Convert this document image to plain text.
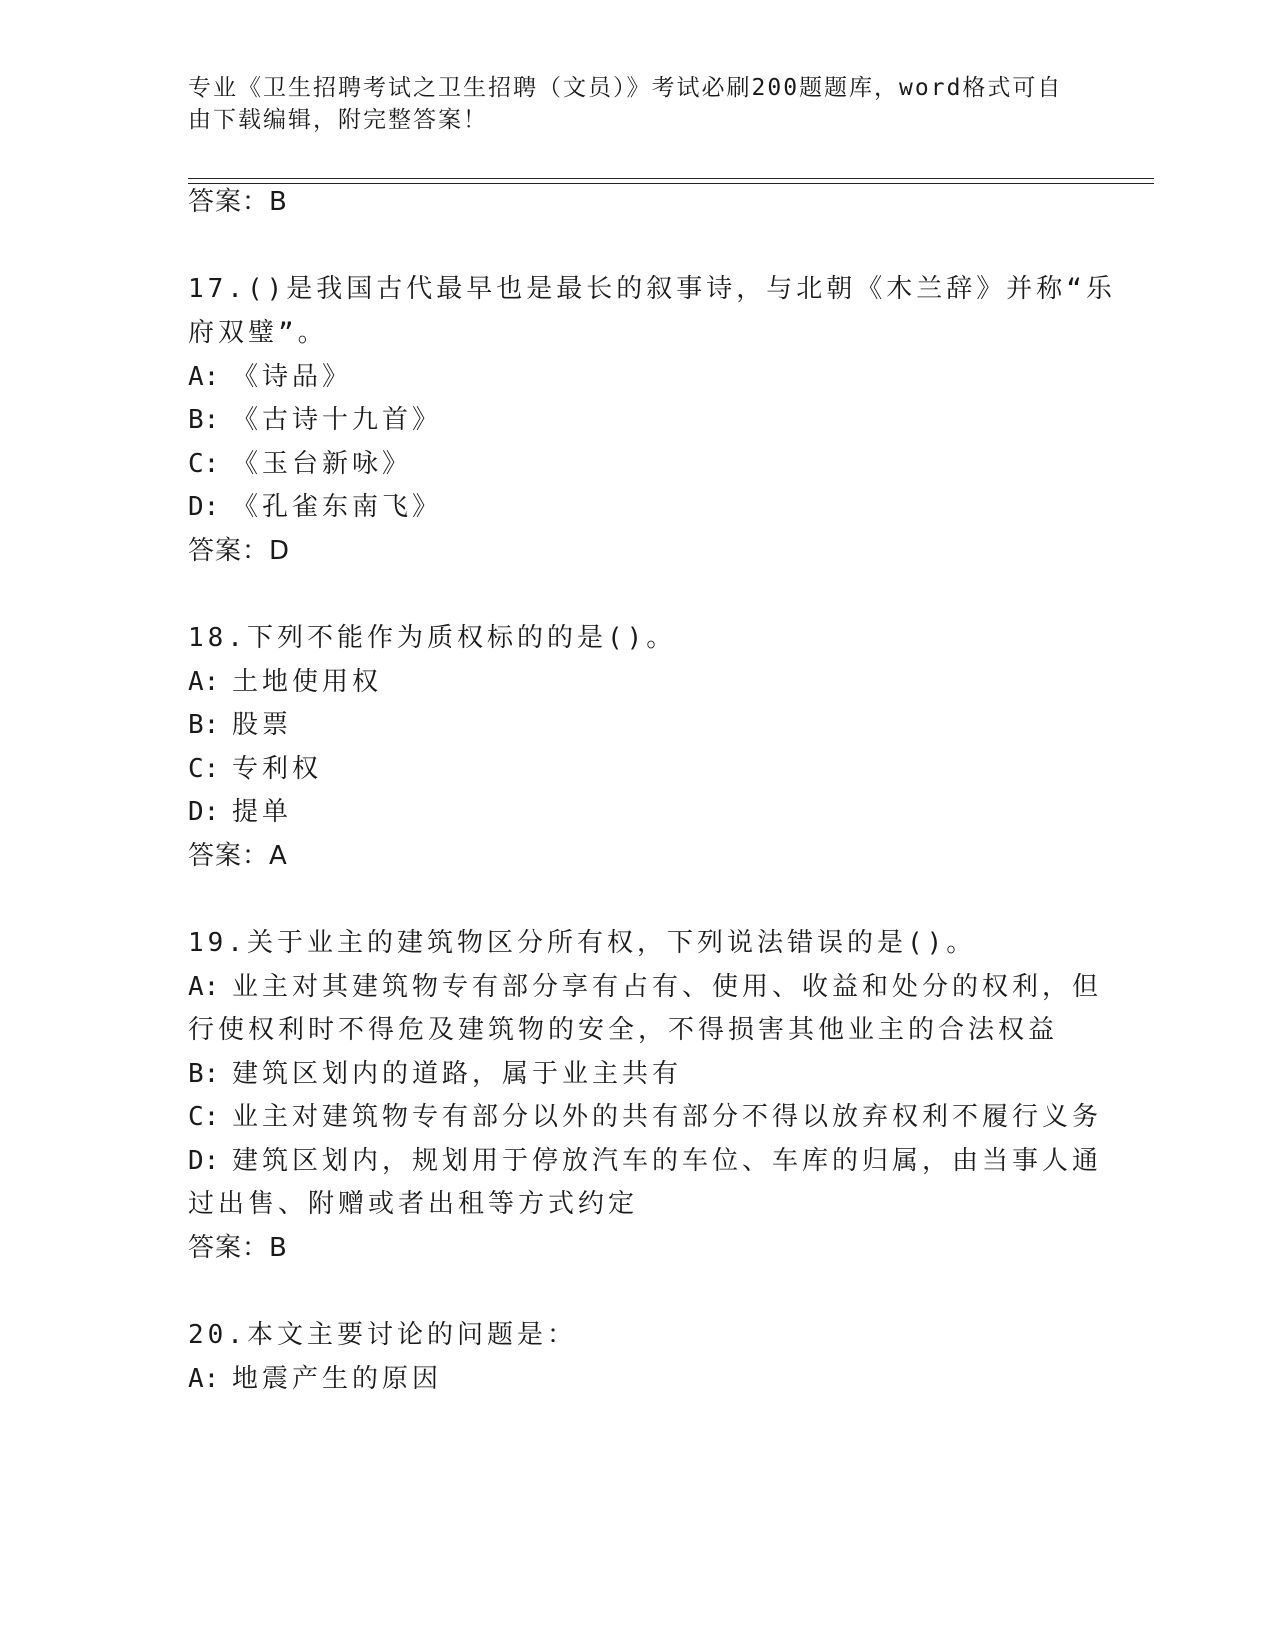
专业《卫生招聘考试之卫生招聘（文员）》考试必刷200题题库，word格式可自
由下载编辑，附完整答案！
答案：B
17.()是我国古代最早也是最长的叙事诗，与北朝《木兰辞》并称“乐
府双璧”。
A: 《诗品》
B: 《古诗十九首》
C: 《玉台新咏》
D: 《孔雀东南飞》
答案：D
18.下列不能作为质权标的的是()。
A: 土地使用权
B: 股票
C: 专利权
D: 提单
答案：A
19.关于业主的建筑物区分所有权，下列说法错误的是()。
A: 业主对其建筑物专有部分享有占有、使用、收益和处分的权利，但
行使权利时不得危及建筑物的安全，不得损害其他业主的合法权益
B: 建筑区划内的道路，属于业主共有
C: 业主对建筑物专有部分以外的共有部分不得以放弃权利不履行义务
D: 建筑区划内，规划用于停放汽车的车位、车库的归属，由当事人通
过出售、附赠或者出租等方式约定
答案：B
20.本文主要讨论的问题是：
A: 地震产生的原因
